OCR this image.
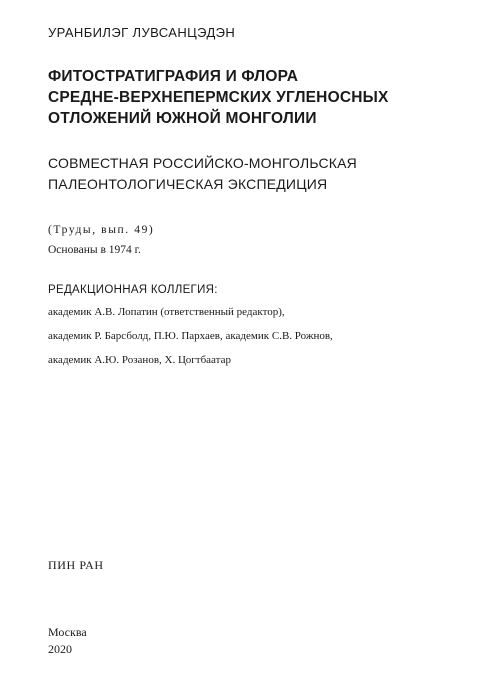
УРАНБИЛЭГ ЛУВСАНЦЭДЭН
ФИТОСТРАТИГРАФИЯ И ФЛОРА
СРЕДНЕ-ВЕРХНЕПЕРМСКИХ УГЛЕНОСНЫХ
ОТЛОЖЕНИЙ ЮЖНОЙ МОНГОЛИИ
СОВМЕСТНАЯ РОССИЙСКО-МОНГОЛЬСКАЯ
ПАЛЕОНТОЛОГИЧЕСКАЯ ЭКСПЕДИЦИЯ
(Труды, вып. 49)
Основаны в 1974 г.
РЕДАКЦИОННАЯ КОЛЛЕГИЯ:
академик А.В. Лопатин (ответственный редактор),
академик Р. Барсболд, П.Ю. Пархаев, академик С.В. Рожнов,
академик А.Ю. Розанов, Х. Цогтбаатар
ПИН РАН
Москва
2020
